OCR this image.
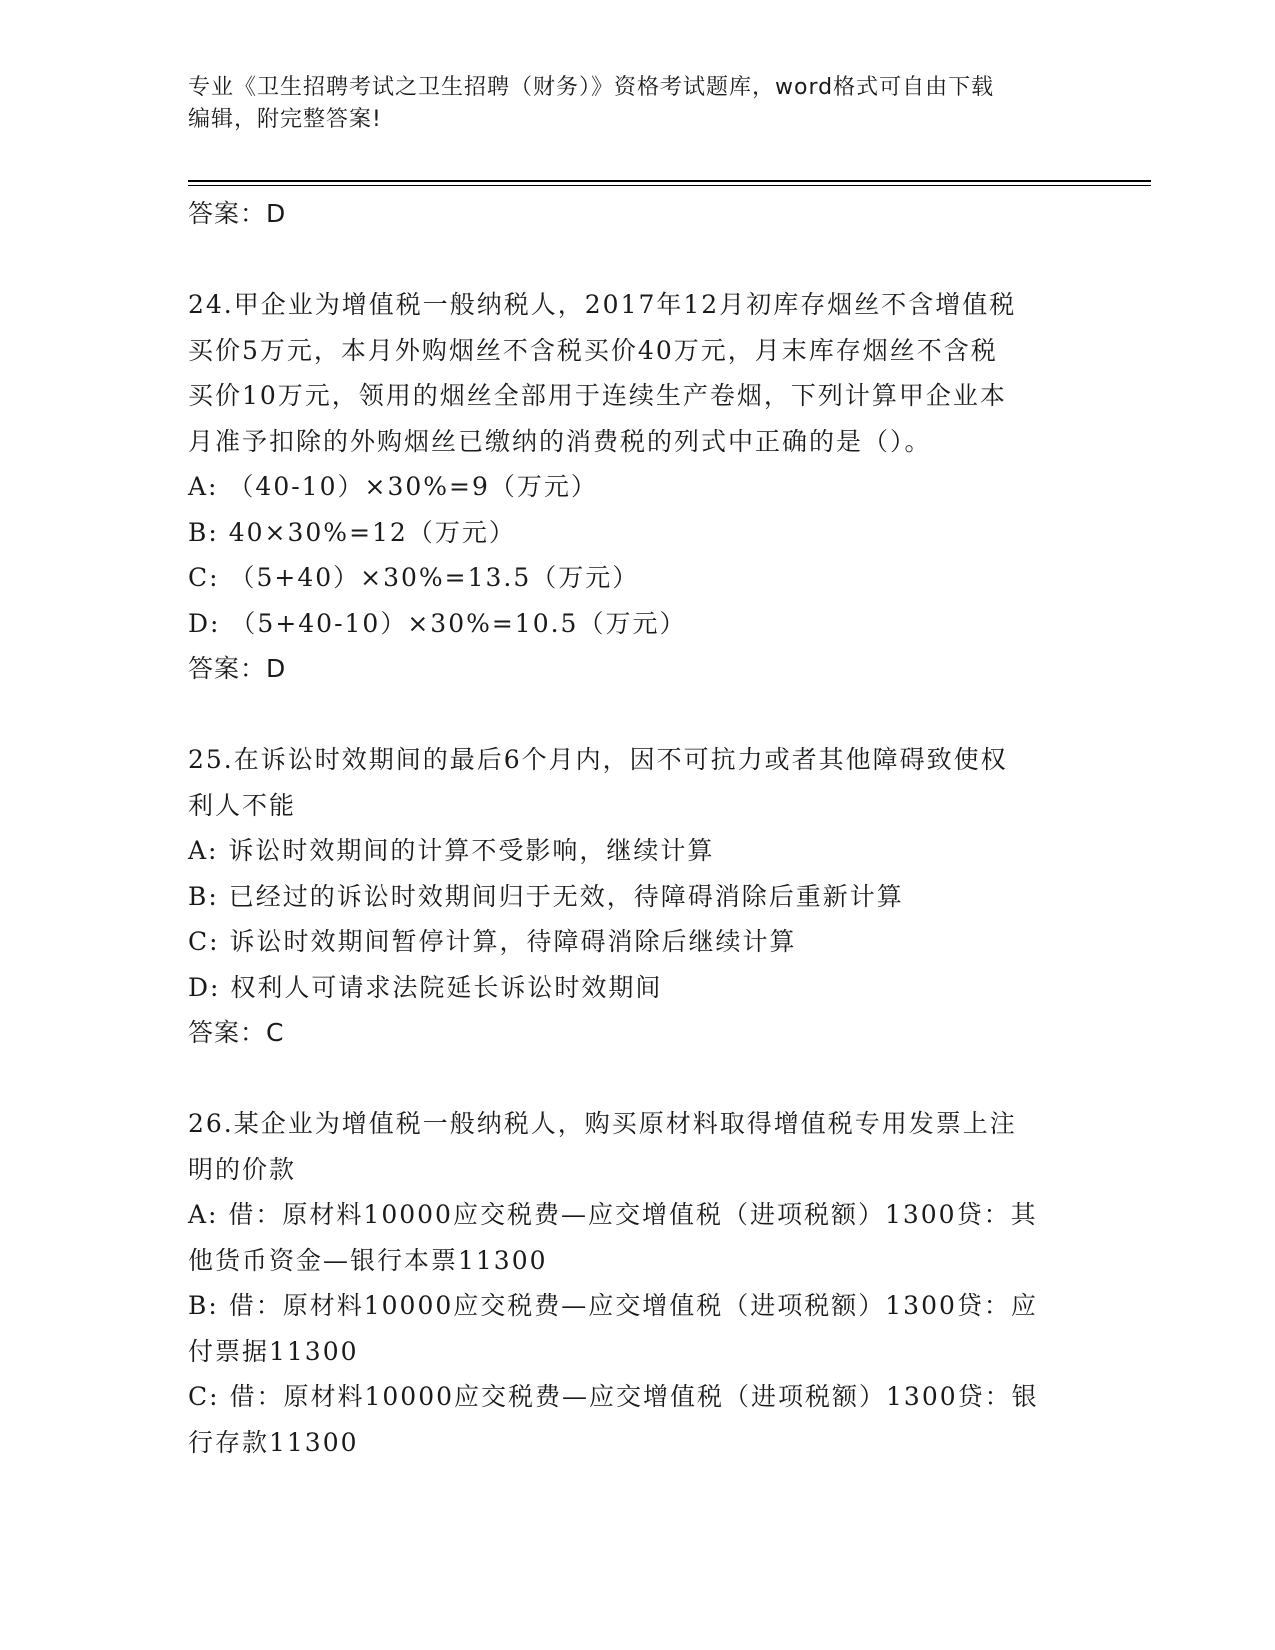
专业《卫生招聘考试之卫生招聘（财务）》资格考试题库，word格式可自由下载
编辑，附完整答案!
答案：D
24.甲企业为增值税一般纳税人，2017年12月初库存烟丝不含增值税
买价5万元，本月外购烟丝不含税买价40万元，月末库存烟丝不含税
买价10万元，领用的烟丝全部用于连续生产卷烟，下列计算甲企业本
月准予扣除的外购烟丝已缴纳的消费税的列式中正确的是（）。
A: （40-10）×30%=9（万元）
B: 40×30%=12（万元）
C: （5+40）×30%=13.5（万元）
D: （5+40-10）×30%=10.5（万元）
答案：D
25.在诉讼时效期间的最后6个月内，因不可抗力或者其他障碍致使权
利人不能
A: 诉讼时效期间的计算不受影响，继续计算
B: 已经过的诉讼时效期间归于无效，待障碍消除后重新计算
C: 诉讼时效期间暂停计算，待障碍消除后继续计算
D: 权利人可请求法院延长诉讼时效期间
答案：C
26.某企业为增值税一般纳税人，购买原材料取得增值税专用发票上注
明的价款
A: 借：原材料10000应交税费—应交增值税（进项税额）1300贷：其
他货币资金—银行本票11300
B: 借：原材料10000应交税费—应交增值税（进项税额）1300贷：应
付票据11300
C: 借：原材料10000应交税费—应交增值税（进项税额）1300贷：银
行存款11300
